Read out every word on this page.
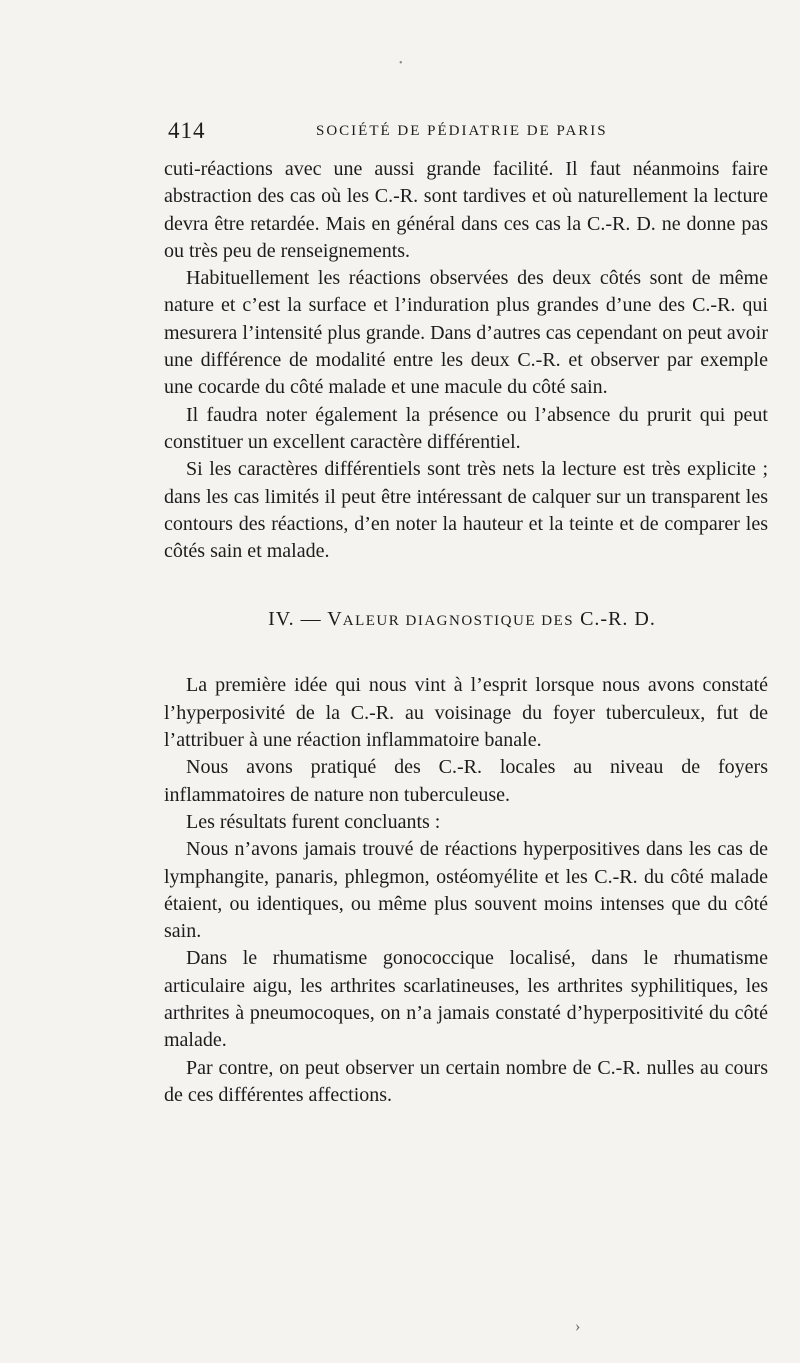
•
414	SOCIÉTÉ DE PÉDIATRIE DE PARIS

cuti-réactions avec une aussi grande facilité. Il faut néanmoins faire abstraction des cas où les C.-R. sont tardives et où naturellement la lecture devra être retardée. Mais en général dans ces cas la C.-R. D. ne donne pas ou très peu de renseignements.

Habituellement les réactions observées des deux côtés sont de même nature et c’est la surface et l’induration plus grandes d’une des C.-R. qui mesurera l’intensité plus grande. Dans d’autres cas cependant on peut avoir une différence de modalité entre les deux C.-R. et observer par exemple une cocarde du côté malade et une macule du côté sain.

Il faudra noter également la présence ou l’absence du prurit qui peut constituer un excellent caractère différentiel.

Si les caractères différentiels sont très nets la lecture est très explicite ; dans les cas limités il peut être intéressant de calquer sur un transparent les contours des réactions, d’en noter la hauteur et la teinte et de comparer les côtés sain et malade.

IV. — VALEUR DIAGNOSTIQUE DES C.-R. D.

La première idée qui nous vint à l’esprit lorsque nous avons constaté l’hyperposivité de la C.-R. au voisinage du foyer tuberculeux, fut de l’attribuer à une réaction inflammatoire banale.

Nous avons pratiqué des C.-R. locales au niveau de foyers inflammatoires de nature non tuberculeuse.

Les résultats furent concluants :

Nous n’avons jamais trouvé de réactions hyperpositives dans les cas de lymphangite, panaris, phlegmon, ostéomyélite et les C.-R. du côté malade étaient, ou identiques, ou même plus souvent moins intenses que du côté sain.

Dans le rhumatisme gonococcique localisé, dans le rhumatisme articulaire aigu, les arthrites scarlatineuses, les arthrites syphilitiques, les arthrites à pneumocoques, on n’a jamais constaté d’hyperpositivité du côté malade.

Par contre, on peut observer un certain nombre de C.-R. nulles au cours de ces différentes affections.

›
